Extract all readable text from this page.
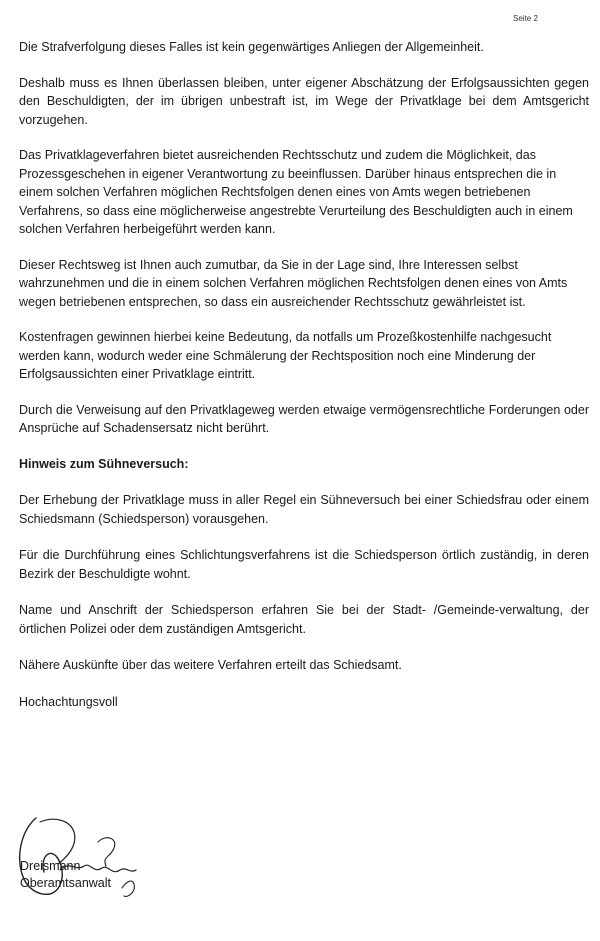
Seite 2

Die Strafverfolgung dieses Falles ist kein gegenwärtiges Anliegen der Allgemeinheit.

Deshalb muss es Ihnen überlassen bleiben, unter eigener Abschätzung der Erfolgsaussichten gegen den Beschuldigten, der im übrigen unbestraft ist, im Wege der Privatklage bei dem Amtsgericht vorzugehen.

Das Privatklageverfahren bietet ausreichenden Rechtsschutz und zudem die Möglichkeit, das Prozessgeschehen in eigener Verantwortung zu beeinflussen. Darüber hinaus entsprechen die in einem solchen Verfahren möglichen Rechtsfolgen denen eines von Amts wegen betriebenen Verfahrens, so dass eine möglicherweise angestrebte Verurteilung des Beschuldigten auch in einem solchen Verfahren herbeigeführt werden kann.

Dieser Rechtsweg ist Ihnen auch zumutbar, da Sie in der Lage sind, Ihre Interessen selbst wahrzunehmen und die in einem solchen Verfahren möglichen Rechtsfolgen denen eines von Amts wegen betriebenen entsprechen, so dass ein ausreichender Rechtsschutz gewährleistet ist.

Kostenfragen gewinnen hierbei keine Bedeutung, da notfalls um Prozeßkostenhilfe nachgesucht werden kann, wodurch weder eine Schmälerung der Rechtsposition noch eine Minderung der Erfolgsaussichten einer Privatklage eintritt.

Durch die Verweisung auf den Privatklageweg werden etwaige vermögensrechtliche Forderungen oder Ansprüche auf Schadensersatz nicht berührt.

Hinweis zum Sühneversuch:

Der Erhebung der Privatklage muss in aller Regel ein Sühneversuch bei einer Schiedsfrau oder einem Schiedsmann (Schiedsperson) vorausgehen.

Für die Durchführung eines Schlichtungsverfahrens ist die Schiedsperson örtlich zuständig, in deren Bezirk der Beschuldigte wohnt.

Name und Anschrift der Schiedsperson erfahren Sie bei der Stadt- /Gemeinde-verwaltung, der örtlichen Polizei oder dem zuständigen Amtsgericht.

Nähere Auskünfte über das weitere Verfahren erteilt das Schiedsamt.

Hochachtungsvoll

Dreismann
Oberamtsanwalt
